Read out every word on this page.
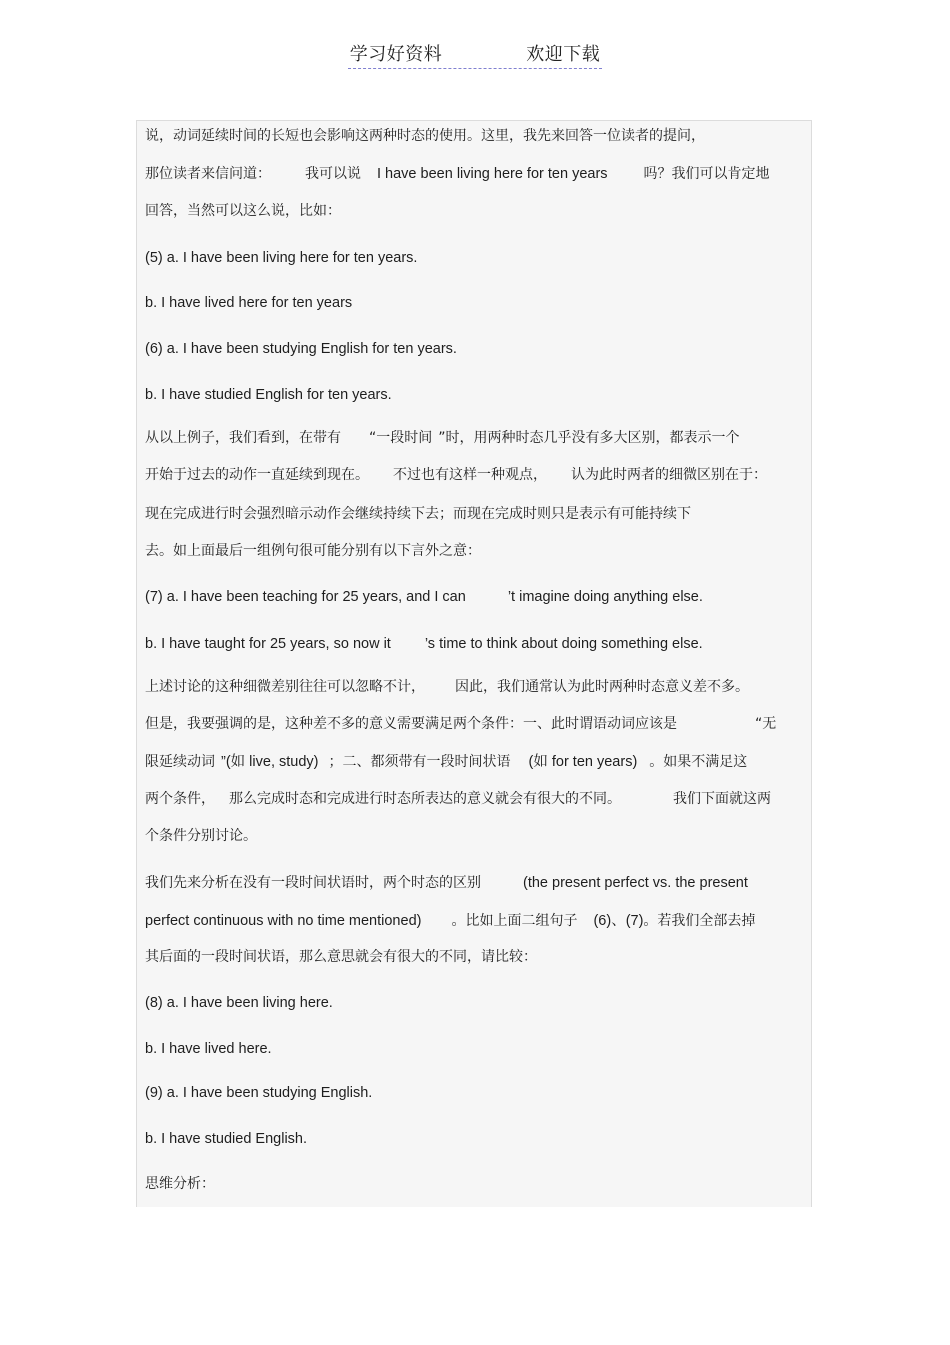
学习好资料	欢迎下载
说，动词延续时间的长短也会影响这两种时态的使用。这里，我先来回答一位读者的提问，
那位读者来信问道： 我可以说 I have been living here for ten years	吗？我们可以肯定地
回答，当然可以这么说，比如：
(5) a. I have been living here for ten years.
b. I have lived here for ten years
(6) a. I have been studying English for ten years.
b. I have studied English for ten years.
从以上例子，我们看到，在带有 “一段时间 ”时，用两种时态几乎没有多大区别，都表示一个
开始于过去的动作一直延续到现在。 不过也有这样一种观点， 认为此时两者的细微区别在于：
现在完成进行时会强烈暗示动作会继续持续下去；而现在完成时则只是表示有可能持续下
去。如上面最后一组例句很可能分别有以下言外之意：
(7) a. I have been teaching for 25 years, and I can	’t imagine doing anything else.
b. I have taught for 25 years, so now it ’s time to think about doing something else.
上述讨论的这种细微差别往往可以忽略不计， 因此，我们通常认为此时两种时态意义差不多。
但是，我要强调的是，这种差不多的意义需要满足两个条件：一、此时谓语动词应该是	“无
限延续动词 ”(如 live, study) ；二、都须带有一段时间状语 (如 for ten years) 。如果不满足这
两个条件， 那么完成时态和完成进行时态所表达的意义就会有很大的不同。	我们下面就这两
个条件分别讨论。
我们先来分析在没有一段时间状语时，两个时态的区别	(the present perfect vs. the present
perfect continuous with no time mentioned) 。比如上面二组句子 (6)、(7)。若我们全部去掉
其后面的一段时间状语，那么意思就会有很大的不同，请比较：
(8) a. I have been living here.
b. I have lived here.
(9) a. I have been studying English.
b. I have studied English.
思维分析：
